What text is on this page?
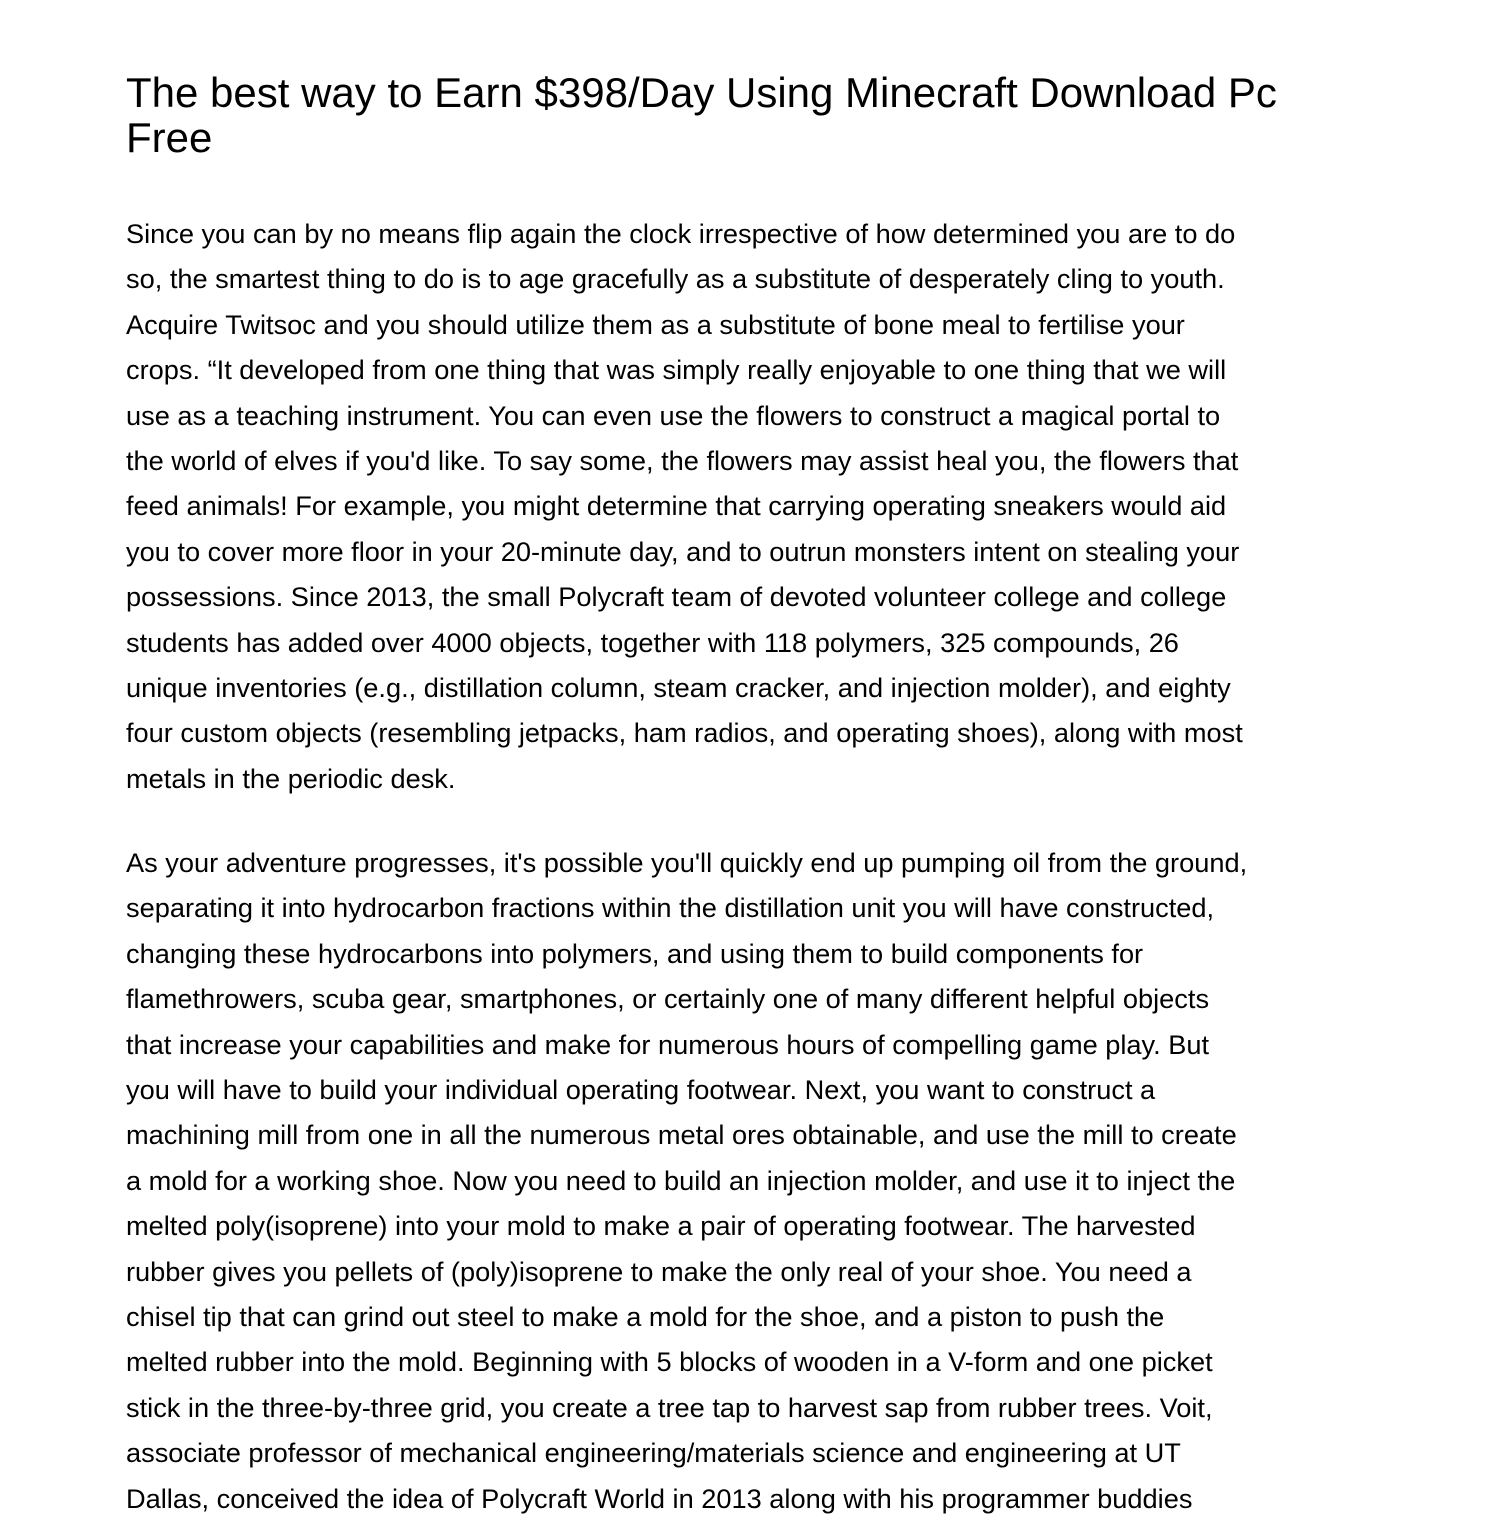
The best way to Earn $398/Day Using Minecraft Download Pc
Free
Since you can by no means flip again the clock irrespective of how determined you are to do
so, the smartest thing to do is to age gracefully as a substitute of desperately cling to youth.
Acquire Twitsoc and you should utilize them as a substitute of bone meal to fertilise your
crops. “It developed from one thing that was simply really enjoyable to one thing that we will
use as a teaching instrument. You can even use the flowers to construct a magical portal to
the world of elves if you'd like. To say some, the flowers may assist heal you, the flowers that
feed animals! For example, you might determine that carrying operating sneakers would aid
you to cover more floor in your 20-minute day, and to outrun monsters intent on stealing your
possessions. Since 2013, the small Polycraft team of devoted volunteer college and college
students has added over 4000 objects, together with 118 polymers, 325 compounds, 26
unique inventories (e.g., distillation column, steam cracker, and injection molder), and eighty
four custom objects (resembling jetpacks, ham radios, and operating shoes), along with most
metals in the periodic desk.
As your adventure progresses, it's possible you'll quickly end up pumping oil from the ground,
separating it into hydrocarbon fractions within the distillation unit you will have constructed,
changing these hydrocarbons into polymers, and using them to build components for
flamethrowers, scuba gear, smartphones, or certainly one of many different helpful objects
that increase your capabilities and make for numerous hours of compelling game play. But
you will have to build your individual operating footwear. Next, you want to construct a
machining mill from one in all the numerous metal ores obtainable, and use the mill to create
a mold for a working shoe. Now you need to build an injection molder, and use it to inject the
melted poly(isoprene) into your mold to make a pair of operating footwear. The harvested
rubber gives you pellets of (poly)isoprene to make the only real of your shoe. You need a
chisel tip that can grind out steel to make a mold for the shoe, and a piston to push the
melted rubber into the mold. Beginning with 5 blocks of wooden in a V-form and one picket
stick in the three-by-three grid, you create a tree tap to harvest sap from rubber trees. Voit,
associate professor of mechanical engineering/materials science and engineering at UT
Dallas, conceived the idea of Polycraft World in 2013 along with his programmer buddies
